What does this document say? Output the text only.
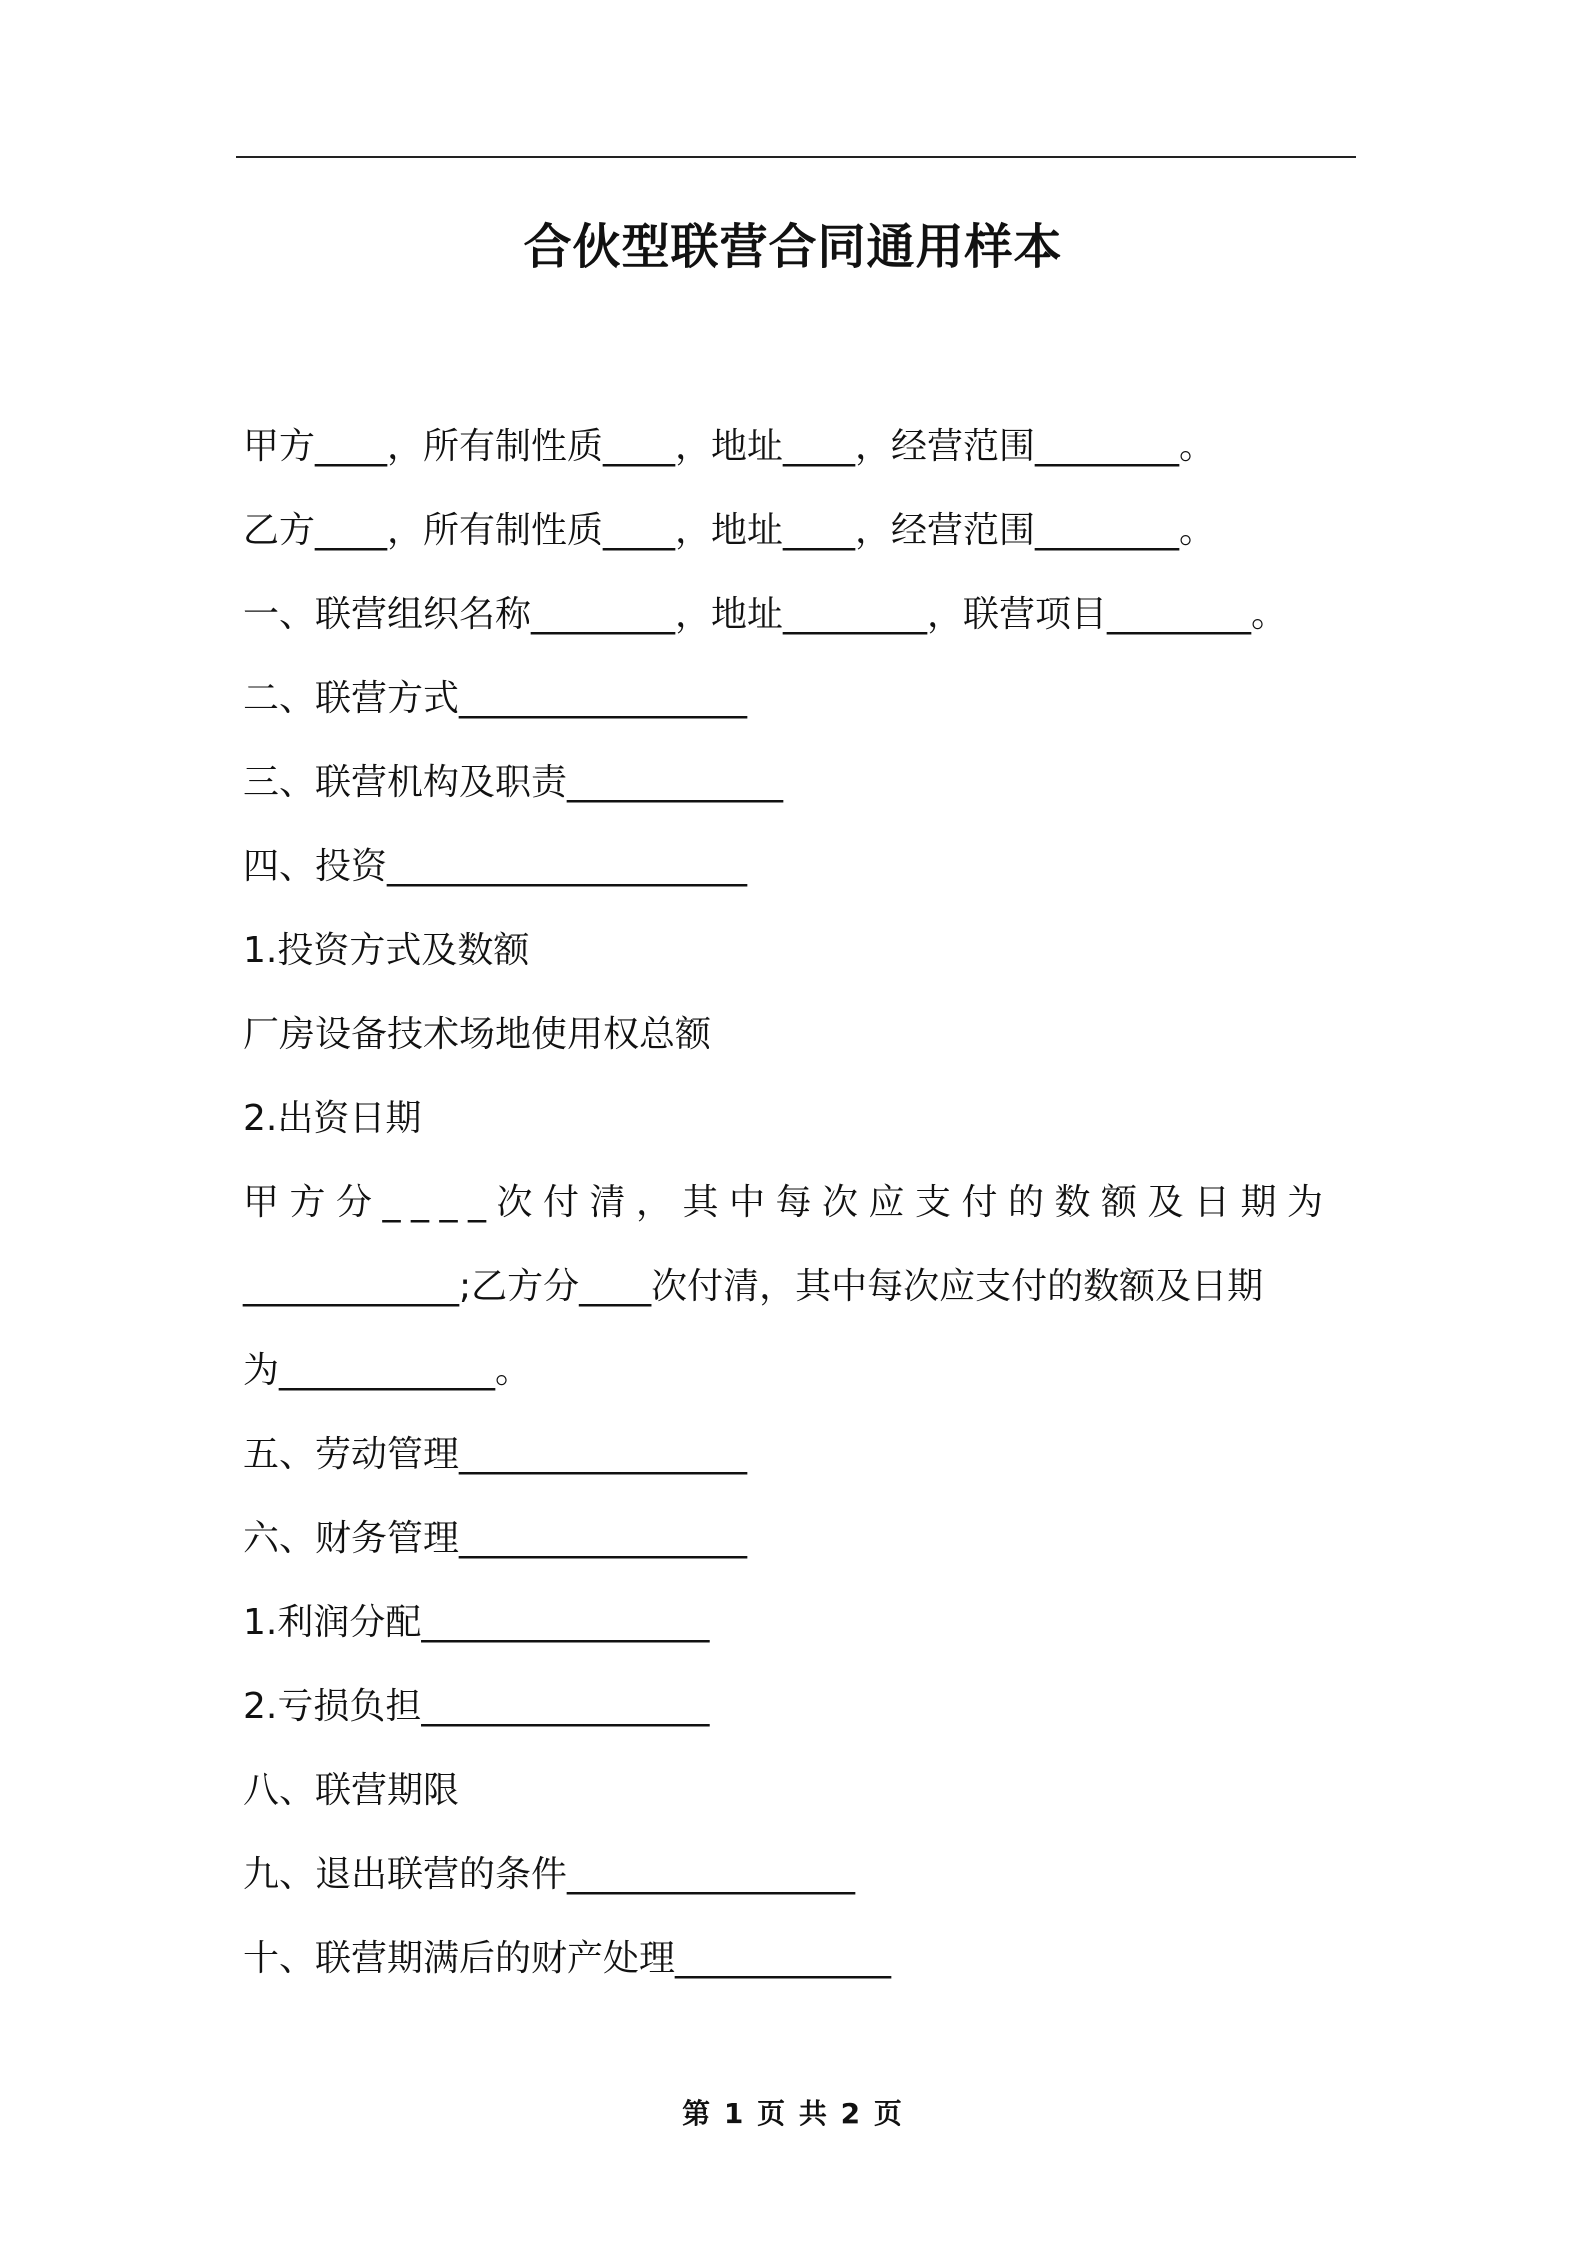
合伙型联营合同通用样本
甲方____，所有制性质____，地址____，经营范围________。
乙方____，所有制性质____，地址____，经营范围________。
一、联营组织名称________，地址________，联营项目________。
二、联营方式________________
三、联营机构及职责____________
四、投资____________________
1.投资方式及数额
厂房设备技术场地使用权总额
2.出资日期
甲方分____次付清，其中每次应支付的数额及日期为
____________;乙方分____次付清，其中每次应支付的数额及日期
为____________。
五、劳动管理________________
六、财务管理________________
1.利润分配________________
2.亏损负担________________
八、联营期限
九、退出联营的条件________________
十、联营期满后的财产处理____________
第 1 页 共 2 页
